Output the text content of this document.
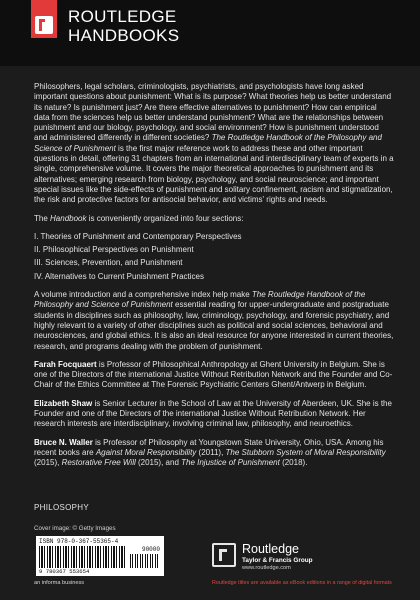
ROUTLEDGE
HANDBOOKS

Philosophers, legal scholars, criminologists, psychiatrists, and psychologists have long asked important questions about punishment: What is its purpose? What theories help us better understand its nature? Is punishment just? Are there effective alternatives to punishment? How can empirical data from the sciences help us better understand punishment? What are the relationships between punishment and our biology, psychology, and social environment? How is punishment understood and administered differently in different societies? The Routledge Handbook of the Philosophy and Science of Punishment is the first major reference work to address these and other important questions in detail, offering 31 chapters from an international and interdisciplinary team of experts in a single, comprehensive volume. It covers the major theoretical approaches to punishment and its alternatives; emerging research from biology, psychology, and social neuroscience; and important special issues like the side-effects of punishment and solitary confinement, racism and stigmatization, the risk and protective factors for antisocial behavior, and victims' rights and needs.

The Handbook is conveniently organized into four sections:

I. Theories of Punishment and Contemporary Perspectives
II. Philosophical Perspectives on Punishment
III. Sciences, Prevention, and Punishment
IV. Alternatives to Current Punishment Practices

A volume introduction and a comprehensive index help make The Routledge Handbook of the Philosophy and Science of Punishment essential reading for upper-undergraduate and postgraduate students in disciplines such as philosophy, law, criminology, psychology, and forensic psychiatry, and highly relevant to a variety of other disciplines such as political and social sciences, behavioral and neurosciences, and global ethics. It is also an ideal resource for anyone interested in current theories, research, and programs dealing with the problem of punishment.

Farah Focquaert is Professor of Philosophical Anthropology at Ghent University in Belgium. She is one of the Directors of the international Justice Without Retribution Network and the Founder and Co-Chair of the Ethics Committee at The Forensic Psychiatric Centers Ghent/Antwerp in Belgium.

Elizabeth Shaw is Senior Lecturer in the School of Law at the University of Aberdeen, UK. She is the Founder and one of the Directors of the international Justice Without Retribution Network. Her research interests are interdisciplinary, involving criminal law, philosophy, and neuroethics.

Bruce N. Waller is Professor of Philosophy at Youngstown State University, Ohio, USA. Among his recent books are Against Moral Responsibility (2011), The Stubborn System of Moral Responsibility (2015), Restorative Free Will (2015), and The Injustice of Punishment (2018).

PHILOSOPHY
Cover image: © Getty Images
ISBN 978-0-367-55365-4
90000
9 780367 553654
Routledge
Taylor & Francis Group
www.routledge.com
an informa business	Routledge titles are available as eBook editions in a range of digital formats
